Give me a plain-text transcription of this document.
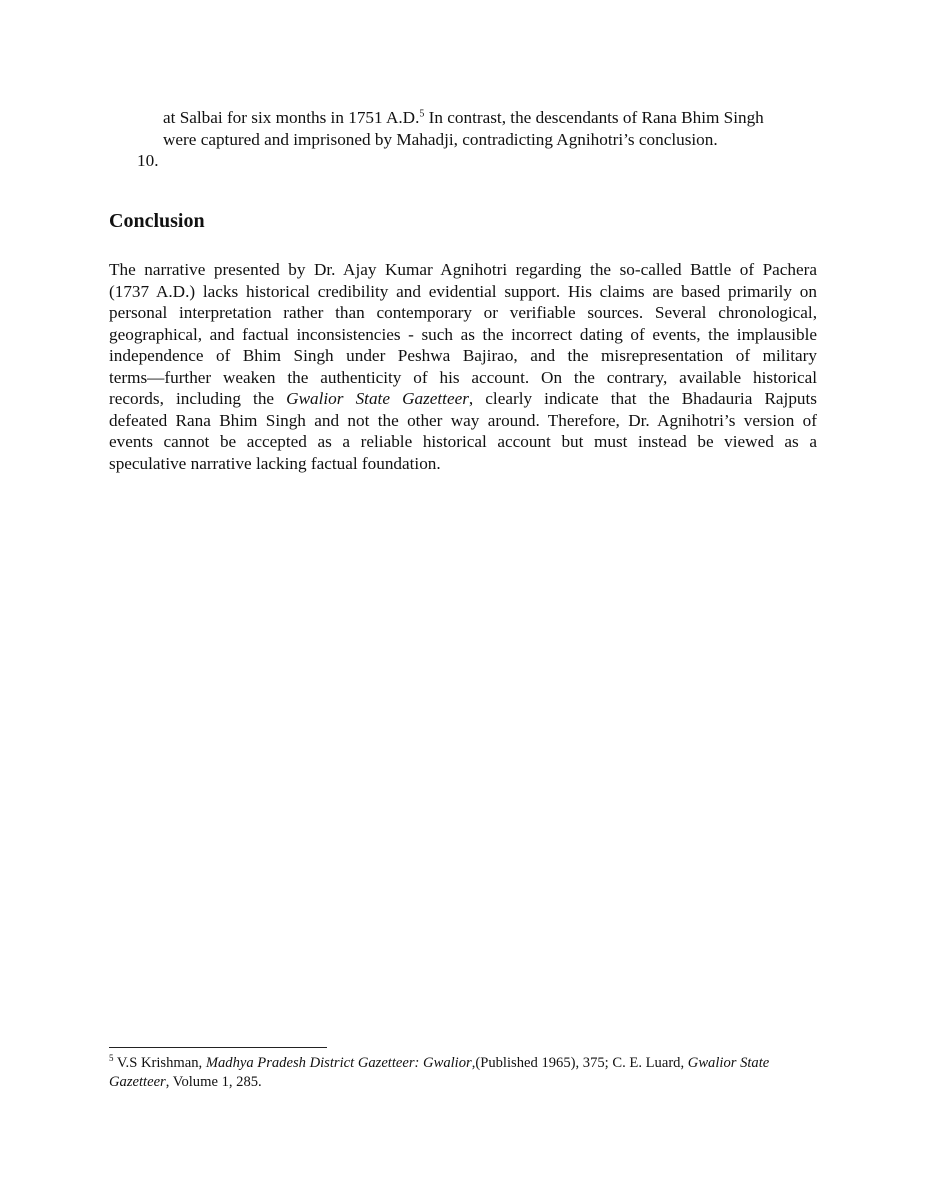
at Salbai for six months in 1751 A.D.$^5$ In contrast, the descendants of Rana Bhim Singh
were captured and imprisoned by Mahadji, contradicting Agnihotri’s conclusion.

10.

Conclusion

The narrative presented by Dr. Ajay Kumar Agnihotri regarding the so-called Battle of Pachera
(1737 A.D.) lacks historical credibility and evidential support. His claims are based primarily on
personal interpretation rather than contemporary or verifiable sources. Several chronological,
geographical, and factual inconsistencies - such as the incorrect dating of events, the implausible
independence of Bhim Singh under Peshwa Bajirao, and the misrepresentation of military
terms—further weaken the authenticity of his account. On the contrary, available historical
records, including the Gwalior State Gazetteer, clearly indicate that the Bhadauria Rajputs
defeated Rana Bhim Singh and not the other way around. Therefore, Dr. Agnihotri’s version of
events cannot be accepted as a reliable historical account but must instead be viewed as a
speculative narrative lacking factual foundation.

$^5$ V.S Krishman, Madhya Pradesh District Gazetteer: Gwalior,(Published 1965), 375; C. E. Luard, Gwalior State
Gazetteer, Volume 1, 285.
